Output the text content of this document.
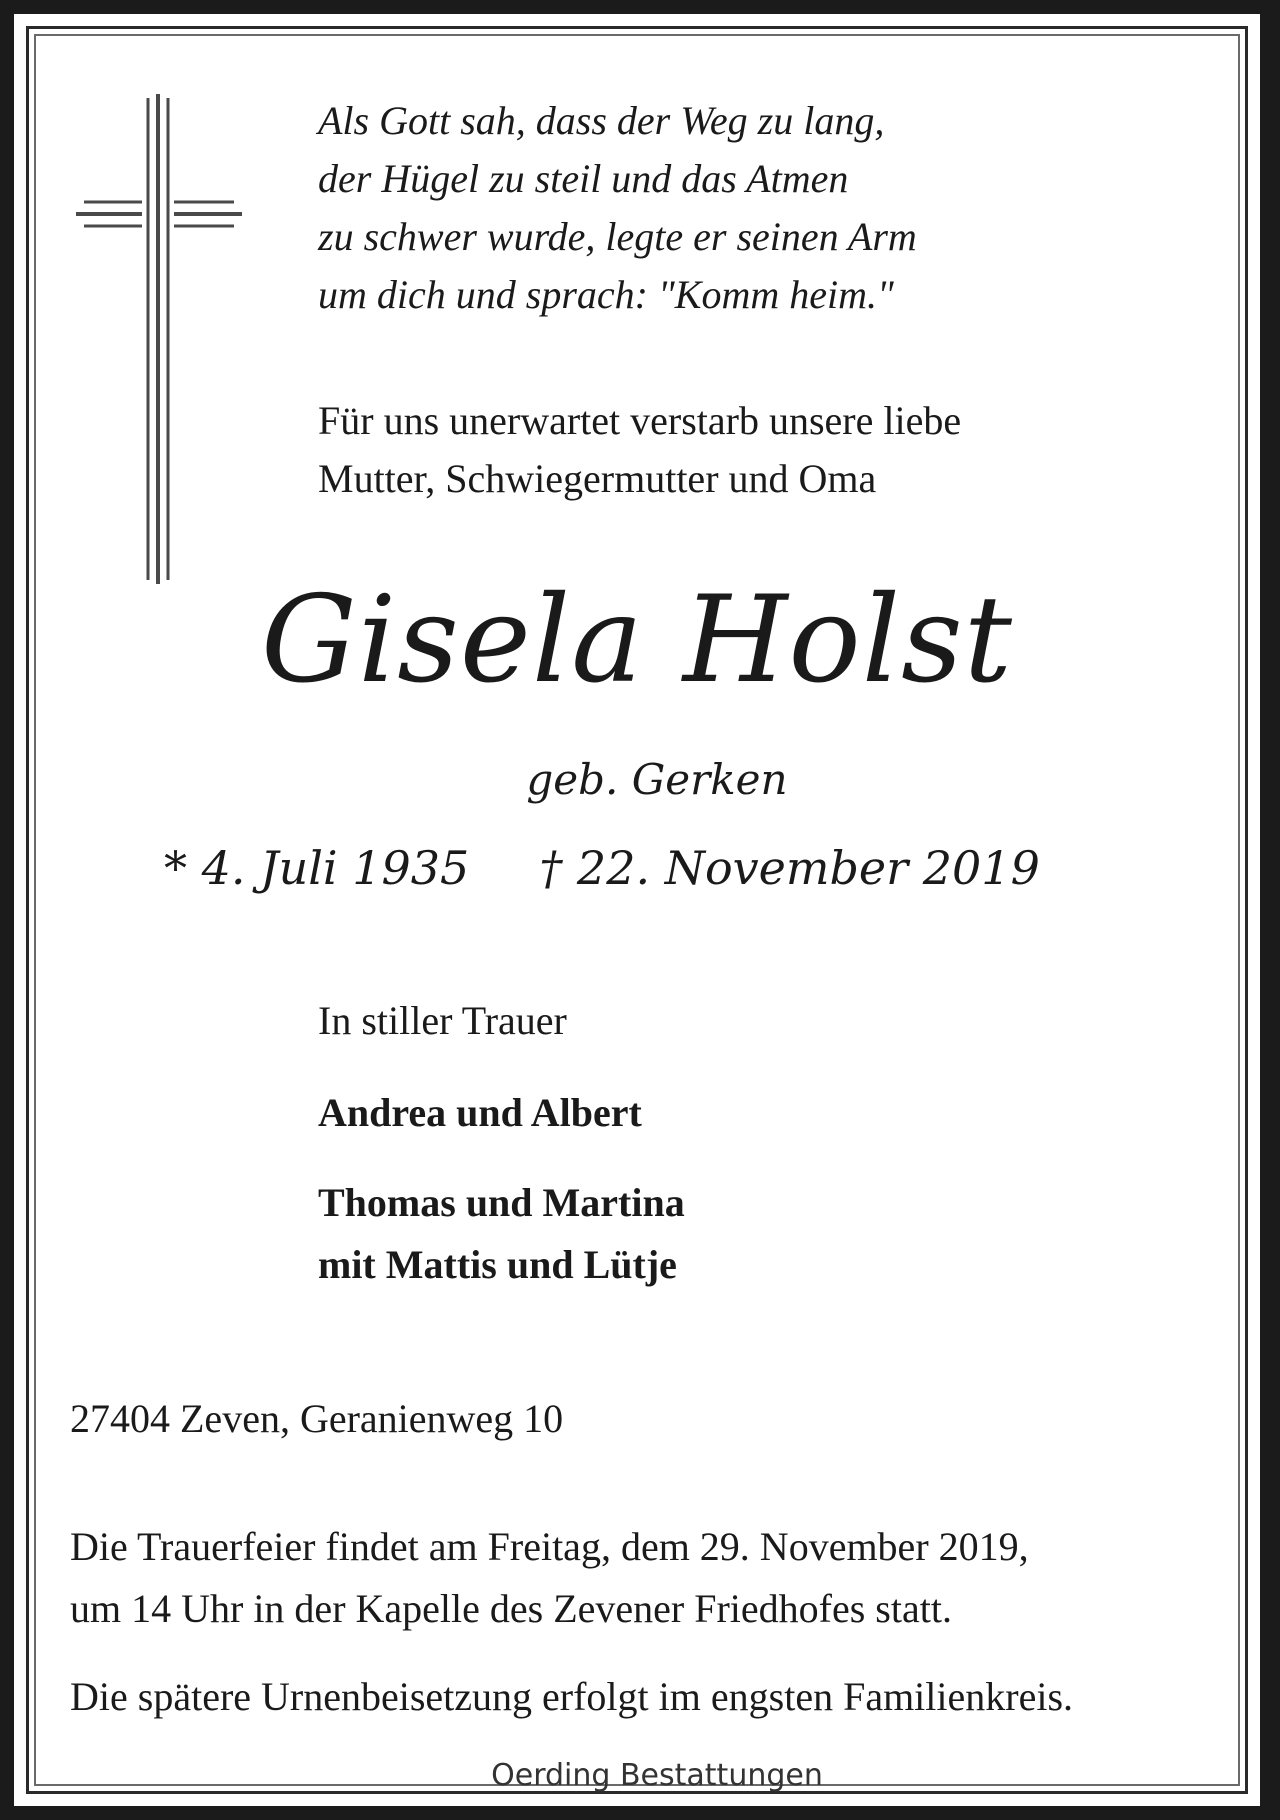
Als Gott sah, dass der Weg zu lang,
der Hügel zu steil und das Atmen
zu schwer wurde, legte er seinen Arm
um dich und sprach: "Komm heim."
Für uns unerwartet verstarb unsere liebe
Mutter, Schwiegermutter und Oma
Gisela Holst
geb. Gerken
* 4. Juli 1935 † 22. November 2019
In stiller Trauer
Andrea und Albert
Thomas und Martina
mit Mattis und Lütje
27404 Zeven, Geranienweg 10
Die Trauerfeier findet am Freitag, dem 29. November 2019,
um 14 Uhr in der Kapelle des Zevener Friedhofes statt.
Die spätere Urnenbeisetzung erfolgt im engsten Familienkreis.
Oerding Bestattungen
